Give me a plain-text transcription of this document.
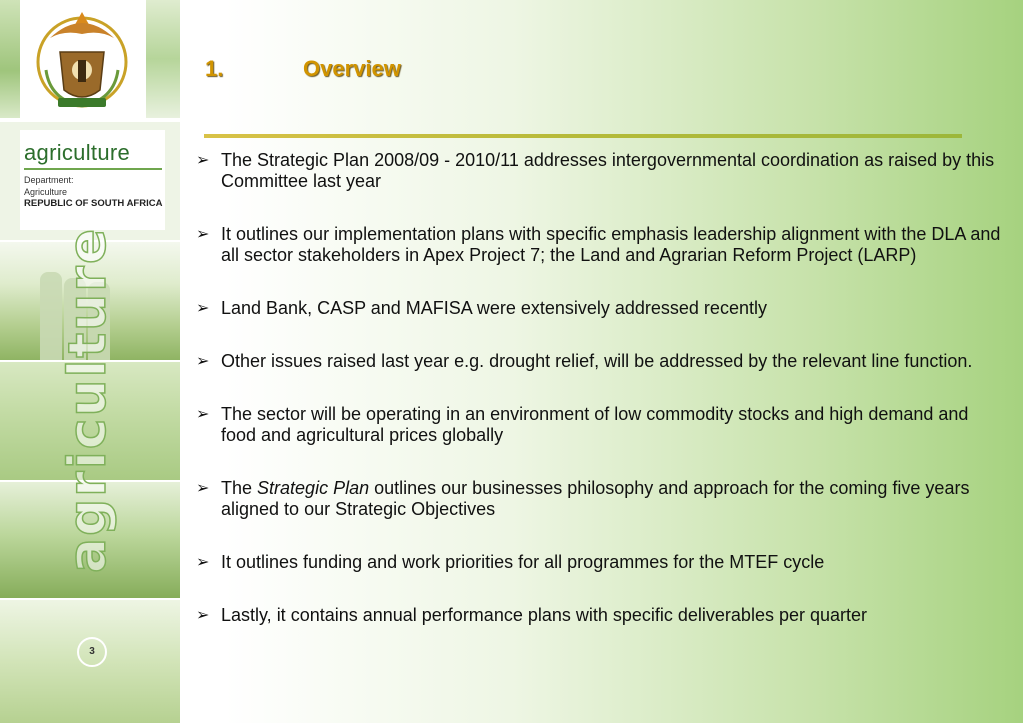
agriculture
Department:
Agriculture
REPUBLIC OF SOUTH AFRICA
agriculture
3
1.	Overview
➢ The Strategic Plan 2008/09 - 2010/11 addresses intergovernmental coordination as raised by this Committee last year
➢ It outlines our implementation plans with specific emphasis leadership alignment with the DLA and all sector stakeholders in Apex Project 7; the Land and Agrarian Reform Project (LARP)
➢ Land Bank, CASP and MAFISA were extensively addressed recently
➢ Other issues raised last year e.g. drought relief, will be addressed by the relevant line function.
➢ The sector will be operating in an environment of low commodity stocks and high demand and food and agricultural prices globally
➢ The Strategic Plan outlines our businesses philosophy and approach for the coming five years aligned to our Strategic Objectives
➢ It outlines funding and work priorities for all programmes for the MTEF cycle
➢ Lastly, it contains annual performance plans with specific deliverables per quarter
